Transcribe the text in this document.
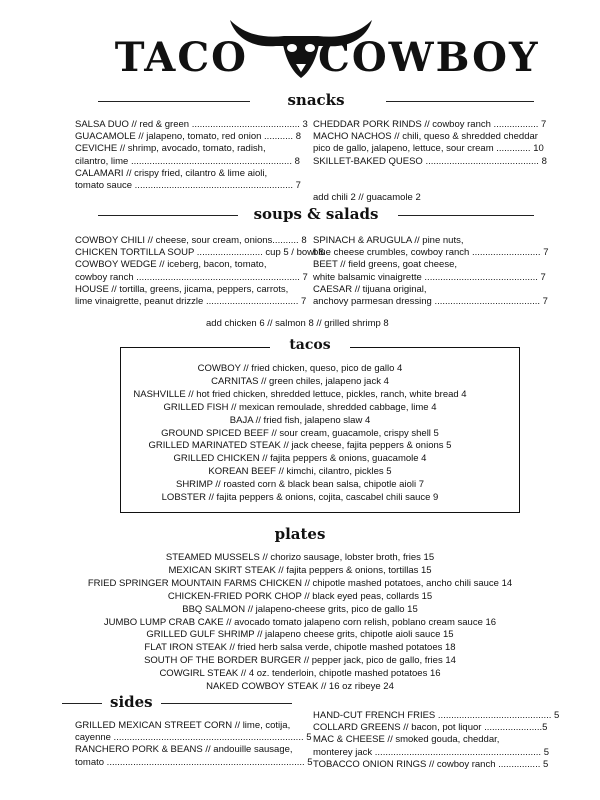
TACO COWBOY
snacks
SALSA DUO // red & green ......................................... 3
GUACAMOLE // jalapeno, tomato, red onion ........... 8
CEVICHE // shrimp, avocado, tomato, radish,
cilantro, lime ............................................................. 8
CALAMARI // crispy fried, cilantro & lime aioli,
tomato sauce ............................................................ 7
CHEDDAR PORK RINDS // cowboy ranch ................. 7
MACHO NACHOS // chili, queso & shredded cheddar
pico de gallo, jalapeno, lettuce, sour cream ............. 10
SKILLET-BAKED QUESO ........................................... 8
add chili 2 // guacamole 2
soups & salads
COWBOY CHILI // cheese, sour cream, onions.......... 8
CHICKEN TORTILLA SOUP ......................... cup 5 / bowl 8
COWBOY WEDGE // iceberg, bacon, tomato,
cowboy ranch .............................................................. 7
HOUSE // tortilla, greens, jicama, peppers, carrots,
lime vinaigrette, peanut drizzle ................................... 7
SPINACH & ARUGULA // pine nuts,
blue cheese crumbles, cowboy ranch .......................... 7
BEET // field greens, goat cheese,
white balsamic vinaigrette ........................................... 7
CAESAR // tijuana original,
anchovy parmesan dressing ........................................ 7
add chicken 6 // salmon 8 // grilled shrimp 8
tacos
COWBOY // fried chicken, queso, pico de gallo 4
CARNITAS // green chiles, jalapeno jack 4
NASHVILLE // hot fried chicken, shredded lettuce, pickles, ranch, white bread 4
GRILLED FISH // mexican remoulade, shredded cabbage, lime 4
BAJA // fried fish, jalapeno slaw 4
GROUND SPICED BEEF // sour cream, guacamole, crispy shell 5
GRILLED MARINATED STEAK // jack cheese, fajita peppers & onions 5
GRILLED CHICKEN // fajita peppers & onions, guacamole 4
KOREAN BEEF // kimchi, cilantro, pickles 5
SHRIMP // roasted corn & black bean salsa, chipotle aioli 7
LOBSTER // fajita peppers & onions, cojita, cascabel chili sauce 9
plates
STEAMED MUSSELS // chorizo sausage, lobster broth, fries 15
MEXICAN SKIRT STEAK // fajita peppers & onions, tortillas 15
FRIED SPRINGER MOUNTAIN FARMS CHICKEN // chipotle mashed potatoes, ancho chili sauce 14
CHICKEN-FRIED PORK CHOP // black eyed peas, collards 15
BBQ SALMON // jalapeno-cheese grits, pico de gallo 15
JUMBO LUMP CRAB CAKE // avocado tomato jalapeno corn relish, poblano cream sauce 16
GRILLED GULF SHRIMP // jalapeno cheese grits, chipotle aioli sauce 15
FLAT IRON STEAK // fried herb salsa verde, chipotle mashed potatoes 18
SOUTH OF THE BORDER BURGER // pepper jack, pico de gallo, fries 14
COWGIRL STEAK // 4 oz. tenderloin, chipotle mashed potatoes 16
NAKED COWBOY STEAK // 16 oz ribeye 24
sides
GRILLED MEXICAN STREET CORN // lime, cotija,
cayenne ........................................................................ 5
RANCHERO PORK & BEANS // andouille sausage,
tomato ........................................................................... 5
HAND-CUT FRENCH FRIES ........................................... 5
COLLARD GREENS // bacon, pot liquor ......................5
MAC & CHEESE // smoked gouda, cheddar,
monterey jack ............................................................... 5
TOBACCO ONION RINGS // cowboy ranch ................ 5
